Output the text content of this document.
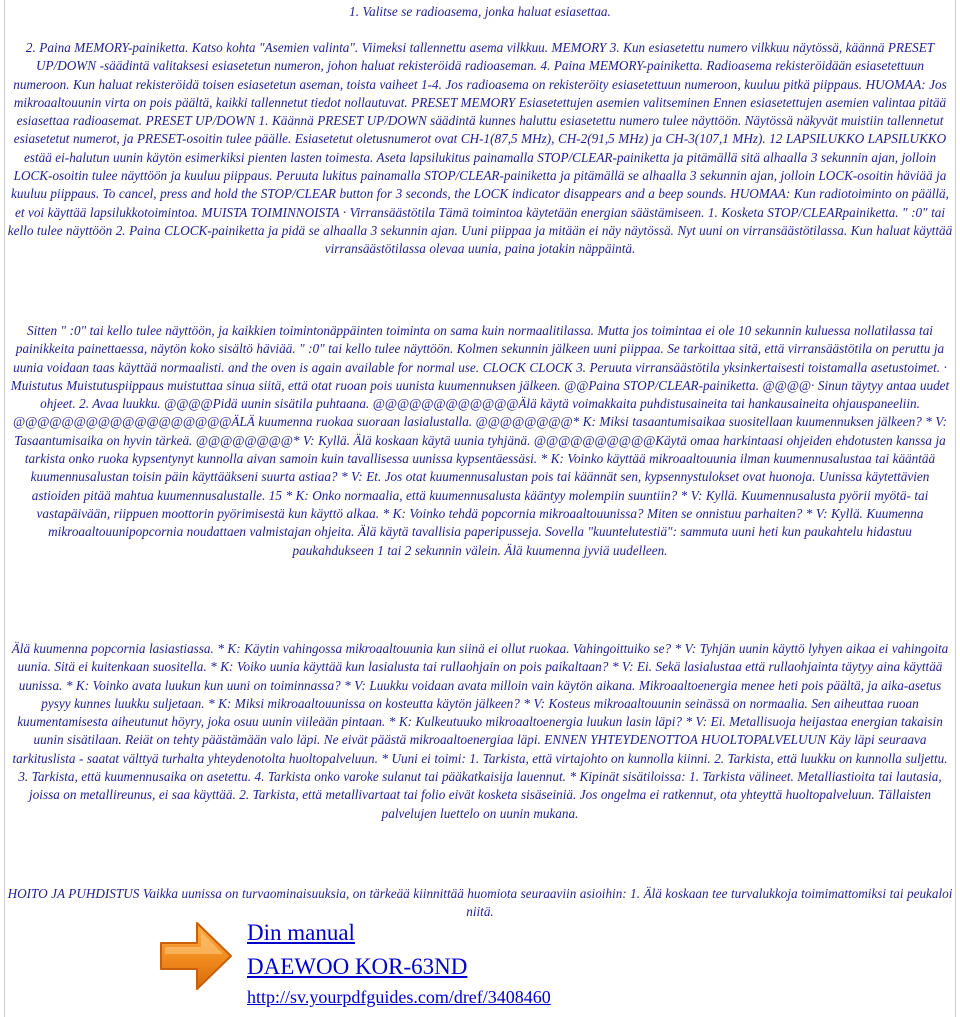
1. Valitse se radioasema, jonka haluat esiasettaa.

2. Paina MEMORY-painiketta. Katso kohta "Asemien valinta". Viimeksi tallennettu asema vilkkuu. MEMORY 3. Kun esiasetettu numero vilkkuu näytössä, käännä PRESET UP/DOWN -säädintä valitaksesi esiasetetun numeron, johon haluat rekisteröidä radioaseman. 4. Paina MEMORY-painiketta. Radioasema rekisteröidään esiasetettuun numeroon. Kun haluat rekisteröidä toisen esiasetetun aseman, toista vaiheet 1-4. Jos radioasema on rekisteröity esiasetettuun numeroon, kuuluu pitkä piippaus. HUOMAA: Jos mikroaaltouunin virta on pois päältä, kaikki tallennetut tiedot nollautuvat. PRESET MEMORY Esiasetettujen asemien valitseminen Ennen esiasetettujen asemien valintaa pitää esiasettaa radioasemat. PRESET UP/DOWN 1. Käännä PRESET UP/DOWN säädintä kunnes haluttu esiasetettu numero tulee näyttöön. Näytössä näkyvät muistiin tallennetut esiasetetut numerot, ja PRESET-osoitin tulee päälle. Esiasetetut oletusnumerot ovat CH-1(87,5 MHz), CH-2(91,5 MHz) ja CH-3(107,1 MHz). 12 LAPSILUKKO LAPSILUKKO estää ei-halutun uunin käytön esimerkiksi pienten lasten toimesta. Aseta lapsilukitus painamalla STOP/CLEAR-painiketta ja pitämällä sitä alhaalla 3 sekunnin ajan, jolloin LOCK-osoitin tulee näyttöön ja kuuluu piippaus. Peruuta lukitus painamalla STOP/CLEAR-painiketta ja pitämällä se alhaalla 3 sekunnin ajan, jolloin LOCK-osoitin häviää ja kuuluu piippaus. To cancel, press and hold the STOP/CLEAR button for 3 seconds, the LOCK indicator disappears and a beep sounds. HUOMAA: Kun radiotoiminto on päällä, et voi käyttää lapsilukkotoimintoa. MUISTA TOIMINNOISTA · Virransäästötila Tämä toimintoa käytetään energian säästämiseen. 1. Kosketa STOP/CLEARpainiketta. " :0" tai kello tulee näyttöön 2. Paina CLOCK-painiketta ja pidä se alhaalla 3 sekunnin ajan. Uuni piippaa ja mitään ei näy näytössä. Nyt uuni on virransäästötilassa. Kun haluat käyttää virransäästötilassa olevaa uunia, paina jotakin näppäintä.

Sitten " :0" tai kello tulee näyttöön, ja kaikkien toimintonäppäinten toiminta on sama kuin normaalitilassa. Mutta jos toimintaa ei ole 10 sekunnin kuluessa nollatilassa tai painikkeita painettaessa, näytön koko sisältö häviää. " :0" tai kello tulee näyttöön. Kolmen sekunnin jälkeen uuni piippaa. Se tarkoittaa sitä, että virransäästötila on peruttu ja uunia voidaan taas käyttää normaalisti. and the oven is again available for normal use. CLOCK CLOCK 3. Peruuta virransäästötila yksinkertaisesti toistamalla asetustoimet. · Muistutus Muistutuspiippaus muistuttaa sinua siitä, että otat ruoan pois uunista kuumennuksen jälkeen. @@Paina STOP/CLEAR-painiketta. @@@@· Sinun täytyy antaa uudet ohjeet. 2. Avaa luukku. @@@@Pidä uunin sisätila puhtaana. @@@@@@@@@@@@Älä käytä voimakkaita puhdistusaineita tai hankausaineita ohjauspaneeliin. @@@@@@@@@@@@@@@@@@ÄLÄ kuumenna ruokaa suoraan lasialustalla. @@@@@@@@* K: Miksi tasaantumisaikaa suositellaan kuumennuksen jälkeen? * V: Tasaantumisaika on hyvin tärkeä. @@@@@@@@* V: Kyllä. Älä koskaan käytä uunia tyhjänä. @@@@@@@@@@Käytä omaa harkintaasi ohjeiden ehdotusten kanssa ja tarkista onko ruoka kypsentynyt kunnolla aivan samoin kuin tavallisessa uunissa kypsentäessäsi. * K: Voinko käyttää mikroaaltouunia ilman kuumennusalustaa tai kääntää kuumennusalustan toisin päin käyttääkseni suurta astiaa? * V: Et. Jos otat kuumennusalustan pois tai käännät sen, kypsennystulokset ovat huonoja. Uunissa käytettävien astioiden pitää mahtua kuumennusalustalle. 15 * K: Onko normaalia, että kuumennusalusta kääntyy molempiin suuntiin? * V: Kyllä. Kuumennusalusta pyörii myötä- tai vastapäivään, riippuen moottorin pyörimisestä kun käyttö alkaa. * K: Voinko tehdä popcornia mikroaaltouunissa? Miten se onnistuu parhaiten? * V: Kyllä. Kuumenna mikroaaltouunipopcornia noudattaen valmistajan ohjeita. Älä käytä tavallisia paperipusseja. Sovella "kuuntelutestiä": sammuta uuni heti kun paukahtelu hidastuu paukahdukseen 1 tai 2 sekunnin välein. Älä kuumenna jyviä uudelleen.

Älä kuumenna popcornia lasiastiassa. * K: Käytin vahingossa mikroaaltouunia kun siinä ei ollut ruokaa. Vahingoittuiko se? * V: Tyhjän uunin käyttö lyhyen aikaa ei vahingoita uunia. Sitä ei kuitenkaan suositella. * K: Voiko uunia käyttää kun lasialusta tai rullaohjain on pois paikaltaan? * V: Ei. Sekä lasialustaa että rullaohjainta täytyy aina käyttää uunissa. * K: Voinko avata luukun kun uuni on toiminnassa? * V: Luukku voidaan avata milloin vain käytön aikana. Mikroaaltoenergia menee heti pois päältä, ja aika-asetus pysyy kunnes luukku suljetaan. * K: Miksi mikroaaltouunissa on kosteutta käytön jälkeen? * V: Kosteus mikroaaltouunin seinässä on normaalia. Sen aiheuttaa ruoan kuumentamisesta aiheutunut höyry, joka osuu uunin viileään pintaan. * K: Kulkeutuuko mikroaaltoenergia luukun lasin läpi? * V: Ei. Metallisuoja heijastaa energian takaisin uunin sisätilaan. Reiät on tehty päästämään valo läpi. Ne eivät päästä mikroaaltoenergiaa läpi. ENNEN YHTEYDENOTTOA HUOLTOPALVELUUN Käy läpi seuraava tarkituslista - saatat välttyä turhalta yhteydenotolta huoltopalveluun. * Uuni ei toimi: 1. Tarkista, että virtajohto on kunnolla kiinni. 2. Tarkista, että luukku on kunnolla suljettu. 3. Tarkista, että kuumennusaika on asetettu. 4. Tarkista onko varoke sulanut tai pääkatkaisija lauennut. * Kipinät sisätiloissa: 1. Tarkista välineet. Metalliastioita tai lautasia, joissa on metallireunus, ei saa käyttää. 2. Tarkista, että metallivartaat tai folio eivät kosketa sisäseiniä. Jos ongelma ei ratkennut, ota yhteyttä huoltopalveluun. Tällaisten palvelujen luettelo on uunin mukana.

HOITO JA PUHDISTUS Vaikka uunissa on turvaominaisuuksia, on tärkeää kiinnittää huomiota seuraaviin asioihin: 1. Älä koskaan tee turvalukkoja toimimattomiksi tai peukaloi niitä.

Din manual
DAEWOO KOR-63ND
http://sv.yourpdfguides.com/dref/3408460
